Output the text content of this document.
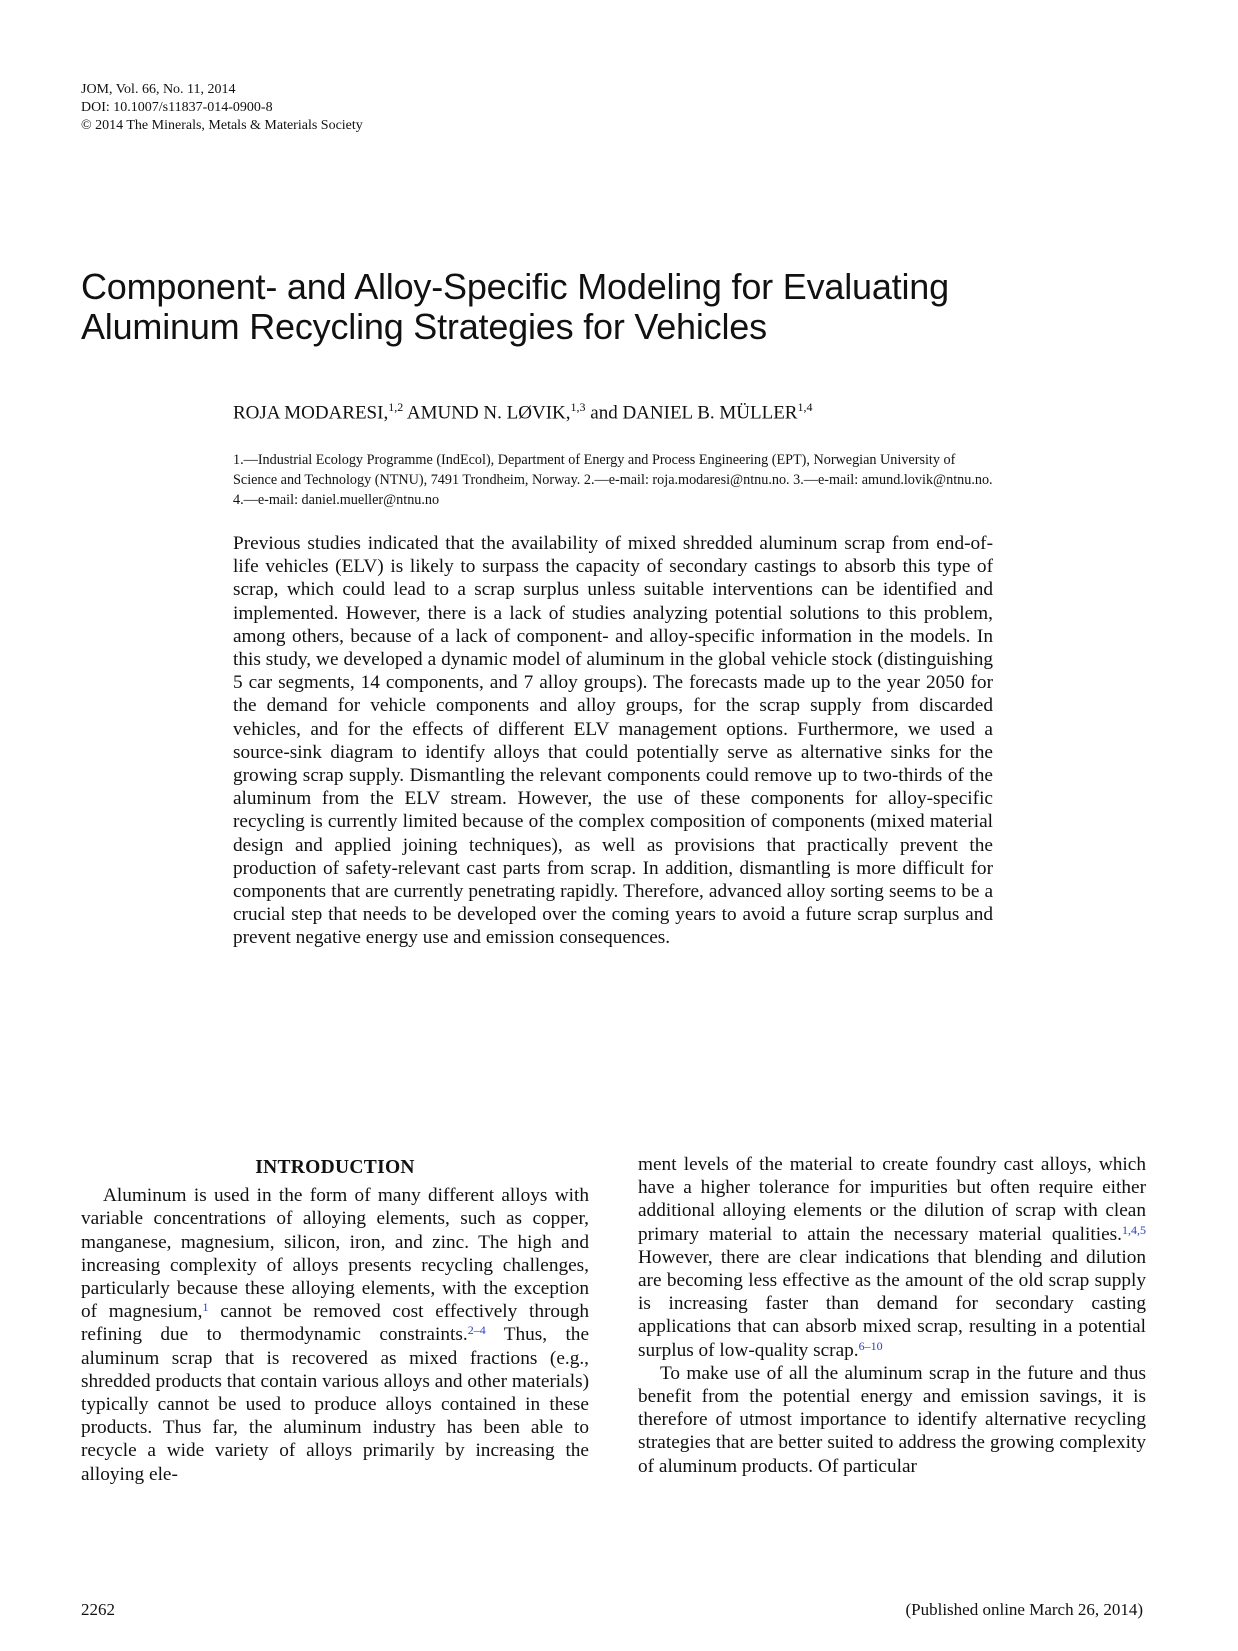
JOM, Vol. 66, No. 11, 2014
DOI: 10.1007/s11837-014-0900-8
© 2014 The Minerals, Metals & Materials Society
Component- and Alloy-Specific Modeling for Evaluating
Aluminum Recycling Strategies for Vehicles
ROJA MODARESI,$^{1,2}$ AMUND N. LØVIK,$^{1,3}$ and DANIEL B. MÜLLER$^{1,4}$
1.—Industrial Ecology Programme (IndEcol), Department of Energy and Process Engineering (EPT), Norwegian University of Science and Technology (NTNU), 7491 Trondheim, Norway. 2.—e-mail: roja.modaresi@ntnu.no. 3.—e-mail: amund.lovik@ntnu.no. 4.—e-mail: daniel.mueller@ntnu.no
Previous studies indicated that the availability of mixed shredded aluminum scrap from end-of-life vehicles (ELV) is likely to surpass the capacity of secondary castings to absorb this type of scrap, which could lead to a scrap surplus unless suitable interventions can be identified and implemented. However, there is a lack of studies analyzing potential solutions to this problem, among others, because of a lack of component- and alloy-specific information in the models. In this study, we developed a dynamic model of aluminum in the global vehicle stock (distinguishing 5 car segments, 14 components, and 7 alloy groups). The forecasts made up to the year 2050 for the demand for vehicle components and alloy groups, for the scrap supply from discarded vehicles, and for the effects of different ELV management options. Furthermore, we used a source-sink diagram to identify alloys that could potentially serve as alternative sinks for the growing scrap supply. Dismantling the relevant components could remove up to two-thirds of the aluminum from the ELV stream. However, the use of these components for alloy-specific recycling is currently limited because of the complex composition of components (mixed material design and applied joining techniques), as well as provisions that practically prevent the production of safety-relevant cast parts from scrap. In addition, dismantling is more difficult for components that are currently penetrating rapidly. Therefore, advanced alloy sorting seems to be a crucial step that needs to be developed over the coming years to avoid a future scrap surplus and prevent negative energy use and emission consequences.
INTRODUCTION

Aluminum is used in the form of many different alloys with variable concentrations of alloying elements, such as copper, manganese, magnesium, silicon, iron, and zinc. The high and increasing complexity of alloys presents recycling challenges, particularly because these alloying elements, with the exception of magnesium,$^1$ cannot be removed cost effectively through refining due to thermodynamic constraints.$^{2-4}$ Thus, the aluminum scrap that is recovered as mixed fractions (e.g., shredded products that contain various alloys and other materials) typically cannot be used to produce alloys contained in these products. Thus far, the aluminum industry has been able to recycle a wide variety of alloys primarily by increasing the alloying ele-

ment levels of the material to create foundry cast alloys, which have a higher tolerance for impurities but often require either additional alloying elements or the dilution of scrap with clean primary material to attain the necessary material qualities.$^{1,4,5}$ However, there are clear indications that blending and dilution are becoming less effective as the amount of the old scrap supply is increasing faster than demand for secondary casting applications that can absorb mixed scrap, resulting in a potential surplus of low-quality scrap.$^{6-10}$

To make use of all the aluminum scrap in the future and thus benefit from the potential energy and emission savings, it is therefore of utmost importance to identify alternative recycling strategies that are better suited to address the growing complexity of aluminum products. Of particular

2262	(Published online March 26, 2014)
